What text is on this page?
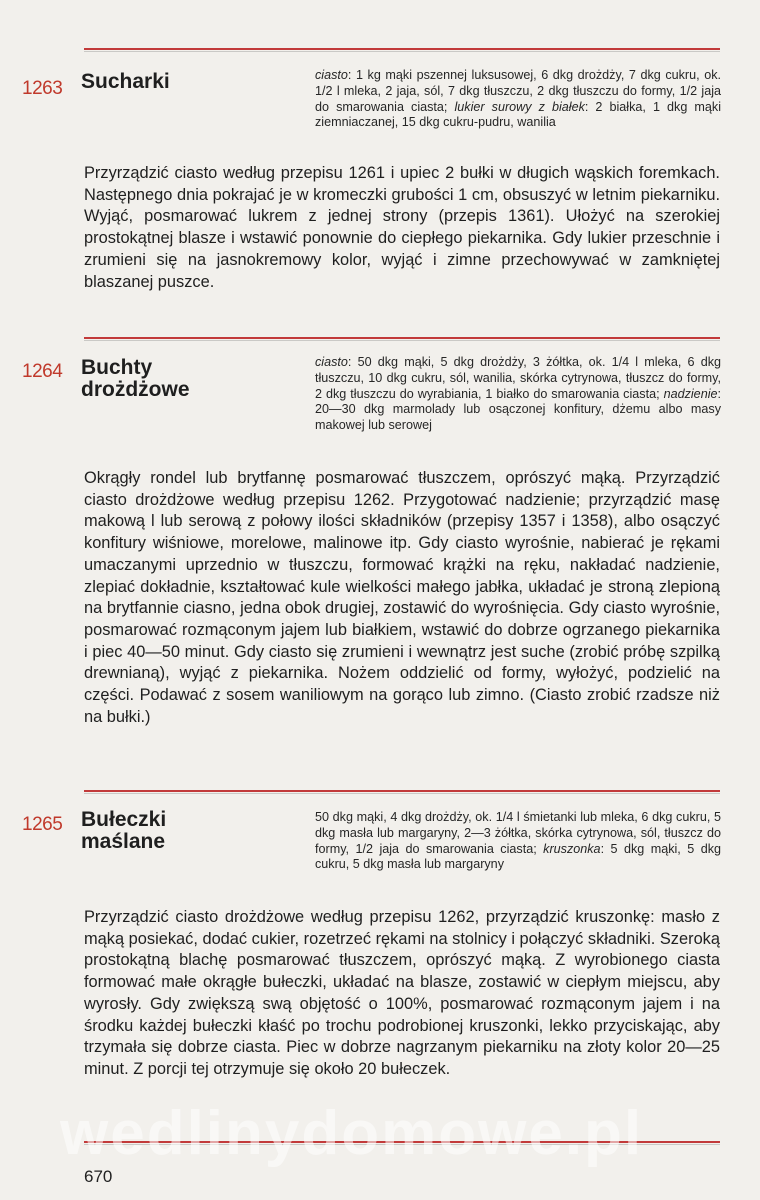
1263 Sucharki	ciasto: 1 kg mąki pszennej luksusowej, 6 dkg drożdży, 7 dkg cukru, ok. 1/2 l mleka, 2 jaja, sól, 7 dkg tłuszczu, 2 dkg tłuszczu do formy, 1/2 jaja do smarowania ciasta; lukier surowy z białek: 2 białka, 1 dkg mąki ziemniaczanej, 15 dkg cukru-pudru, wanilia

Przyrządzić ciasto według przepisu 1261 i upiec 2 bułki w długich wąskich foremkach. Następnego dnia pokrajać je w kromeczki grubości 1 cm, obsuszyć w letnim piekarniku. Wyjąć, posmarować lukrem z jednej strony (przepis 1361). Ułożyć na szerokiej prostokątnej blasze i wstawić ponownie do ciepłego piekarnika. Gdy lukier przeschnie i zrumieni się na jasnokremowy kolor, wyjąć i zimne przechowywać w zamkniętej blaszanej puszce.

1264 Buchty
drożdżowe
ciasto: 50 dkg mąki, 5 dkg drożdży, 3 żółtka, ok. 1/4 l mleka, 6 dkg tłuszczu, 10 dkg cukru, sól, wanilia, skórka cytrynowa, tłuszcz do formy, 2 dkg tłuszczu do wyrabiania, 1 białko do smarowania ciasta; nadzienie: 20—30 dkg marmolady lub osączonej konfitury, dżemu albo masy makowej lub serowej

Okrągły rondel lub brytfannę posmarować tłuszczem, oprószyć mąką. Przyrządzić ciasto drożdżowe według przepisu 1262. Przygotować nadzienie; przyrządzić masę makową l lub serową z połowy ilości składników (przepisy 1357 i 1358), albo osączyć konfitury wiśniowe, morelowe, malinowe itp. Gdy ciasto wyrośnie, nabierać je rękami umaczanymi uprzednio w tłuszczu, formować krążki na ręku, nakładać nadzienie, zlepiać dokładnie, kształtować kule wielkości małego jabłka, układać je stroną zlepioną na brytfannie ciasno, jedna obok drugiej, zostawić do wyrośnięcia. Gdy ciasto wyrośnie, posmarować rozmąconym jajem lub białkiem, wstawić do dobrze ogrzanego piekarnika i piec 40—50 minut. Gdy ciasto się zrumieni i wewnątrz jest suche (zrobić próbę szpilką drewnianą), wyjąć z piekarnika. Nożem oddzielić od formy, wyłożyć, podzielić na części. Podawać z sosem waniliowym na gorąco lub zimno. (Ciasto zrobić rzadsze niż na bułki.)

1265 Bułeczki
maślane
50 dkg mąki, 4 dkg drożdży, ok. 1/4 l śmietanki lub mleka, 6 dkg cukru, 5 dkg masła lub margaryny, 2—3 żółtka, skórka cytrynowa, sól, tłuszcz do formy, 1/2 jaja do smarowania ciasta; kruszonka: 5 dkg mąki, 5 dkg cukru, 5 dkg masła lub margaryny

Przyrządzić ciasto drożdżowe według przepisu 1262, przyrządzić kruszonkę: masło z mąką posiekać, dodać cukier, rozetrzeć rękami na stolnicy i połączyć składniki. Szeroką prostokątną blachę posmarować tłuszczem, oprószyć mąką. Z wyrobionego ciasta formować małe okrągłe bułeczki, układać na blasze, zostawić w ciepłym miejscu, aby wyrosły. Gdy zwiększą swą objętość o 100%, posmarować rozmąconym jajem i na środku każdej bułeczki kłaść po trochu podrobionej kruszonki, lekko przyciskając, aby trzymała się dobrze ciasta. Piec w dobrze nagrzanym piekarniku na złoty kolor 20—25 minut. Z porcji tej otrzymuje się około 20 bułeczek.

wedlinydomowe.pl
670
